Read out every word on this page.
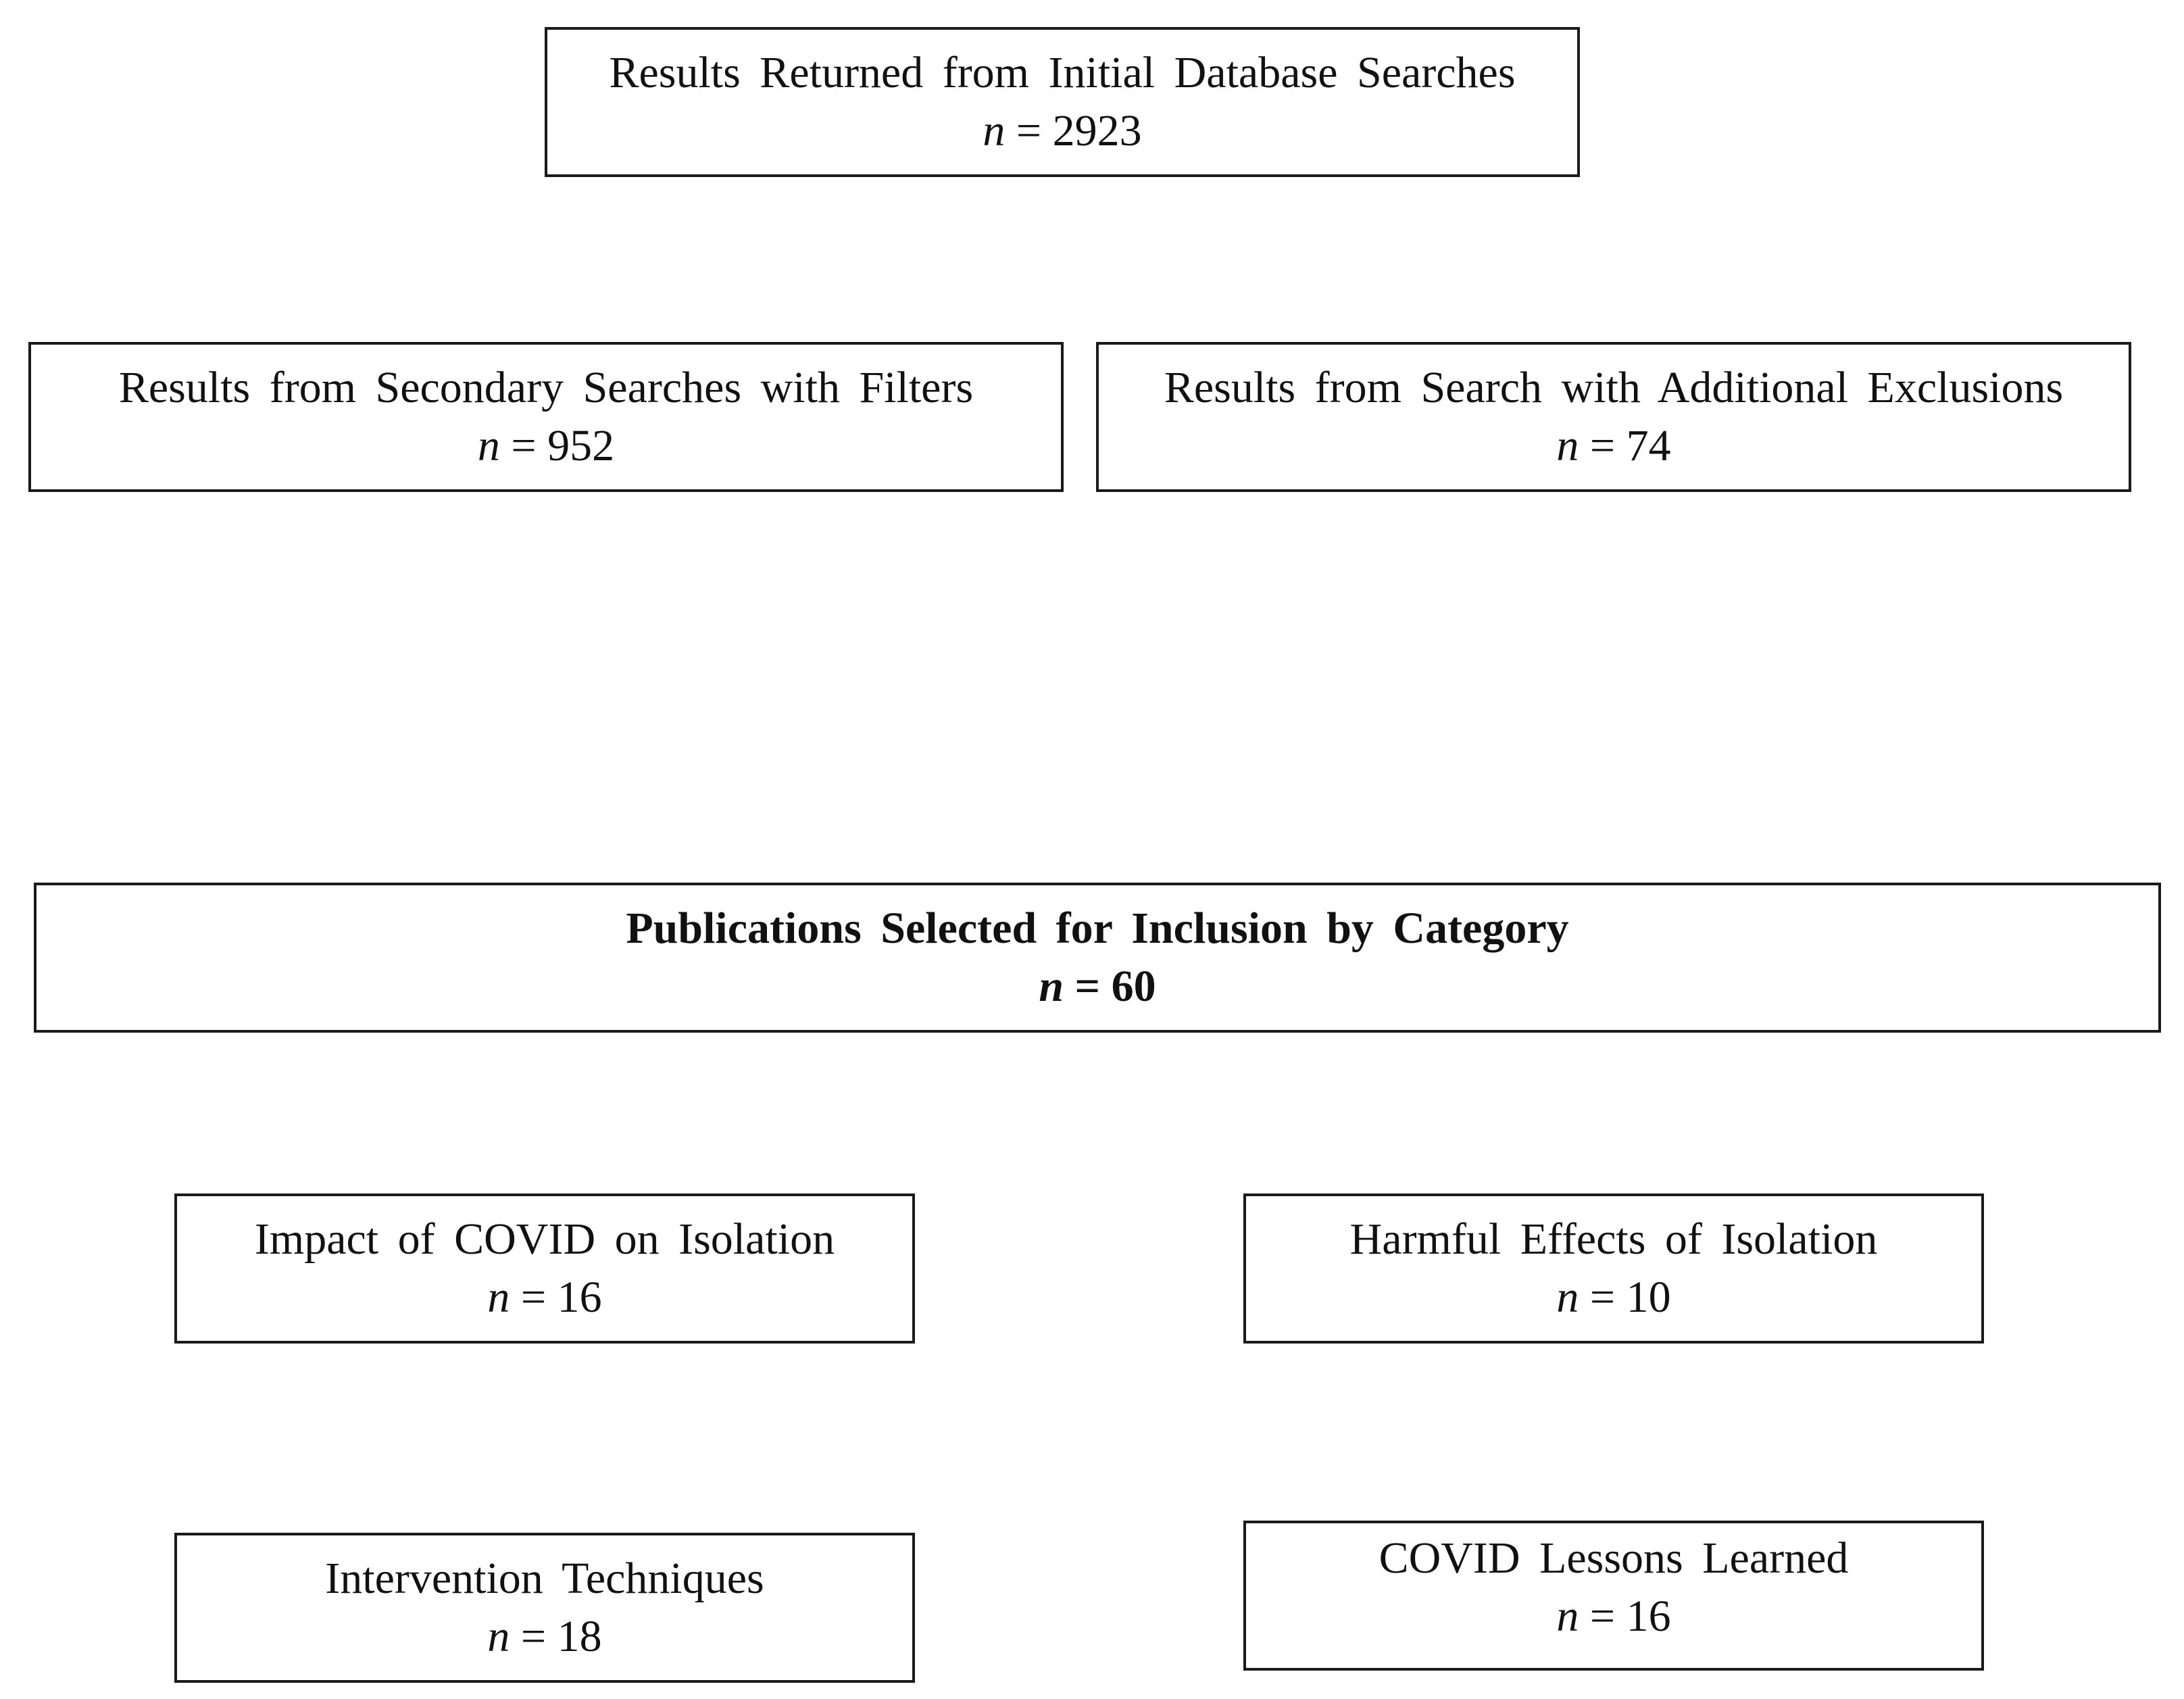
Results Returned from Initial Database Searches
n = 2923
Results from Secondary Searches with Filters
n = 952
Results from Search with Additional Exclusions
n = 74
Publications Selected for Inclusion by Category
n = 60
Impact of COVID on Isolation
n = 16
Harmful Effects of Isolation
n = 10
Intervention Techniques
n = 18
COVID Lessons Learned
n = 16
